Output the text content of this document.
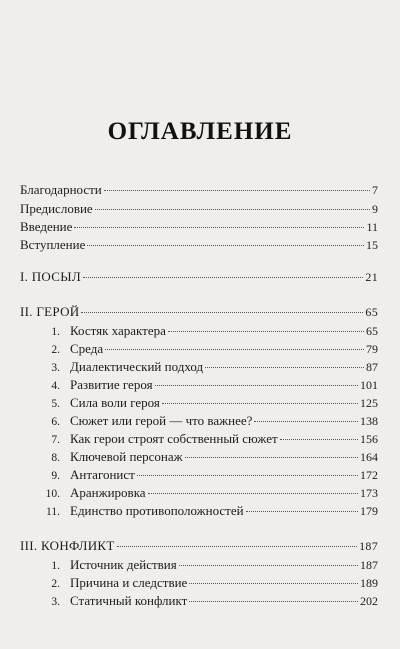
ОГЛАВЛЕНИЕ
Благодарности	7
Предисловие	9
Введение	11
Вступление	15
I. ПОСЫЛ	21
II. ГЕРОЙ	65
1. Костяк характера	65
2. Среда	79
3. Диалектический подход	87
4. Развитие героя	101
5. Сила воли героя	125
6. Сюжет или герой — что важнее?	138
7. Как герои строят собственный сюжет	156
8. Ключевой персонаж	164
9. Антагонист	172
10. Аранжировка	173
11. Единство противоположностей	179
III. КОНФЛИКТ	187
1. Источник действия	187
2. Причина и следствие	189
3. Статичный конфликт	202
